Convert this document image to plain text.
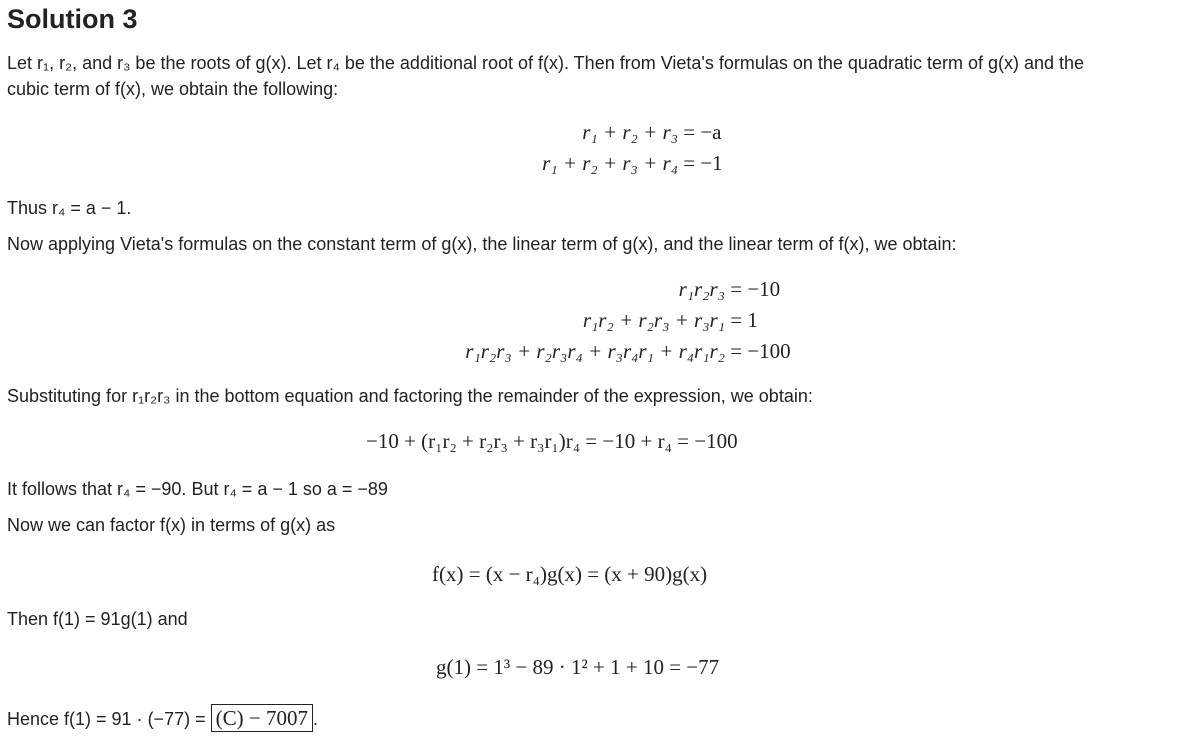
Solution 3
Let r₁, r₂, and r₃ be the roots of g(x). Let r₄ be the additional root of f(x). Then from Vieta's formulas on the quadratic term of g(x) and the
cubic term of f(x), we obtain the following:
r₁ + r₂ + r₃ = −a
r₁ + r₂ + r₃ + r₄ = −1
Thus r₄ = a − 1.
Now applying Vieta's formulas on the constant term of g(x), the linear term of g(x), and the linear term of f(x), we obtain:
r₁r₂r₃ = −10
r₁r₂ + r₂r₃ + r₃r₁ = 1
r₁r₂r₃ + r₂r₃r₄ + r₃r₄r₁ + r₄r₁r₂ = −100
Substituting for r₁r₂r₃ in the bottom equation and factoring the remainder of the expression, we obtain:
−10 + (r₁r₂ + r₂r₃ + r₃r₁)r₄ = −10 + r₄ = −100
It follows that r₄ = −90. But r₄ = a − 1 so a = −89
Now we can factor f(x) in terms of g(x) as
f(x) = (x − r₄)g(x) = (x + 90)g(x)
Then f(1) = 91g(1) and
g(1) = 1³ − 89 · 1² + 1 + 10 = −77
Hence f(1) = 91 · (−77) = (C) − 7007 .
